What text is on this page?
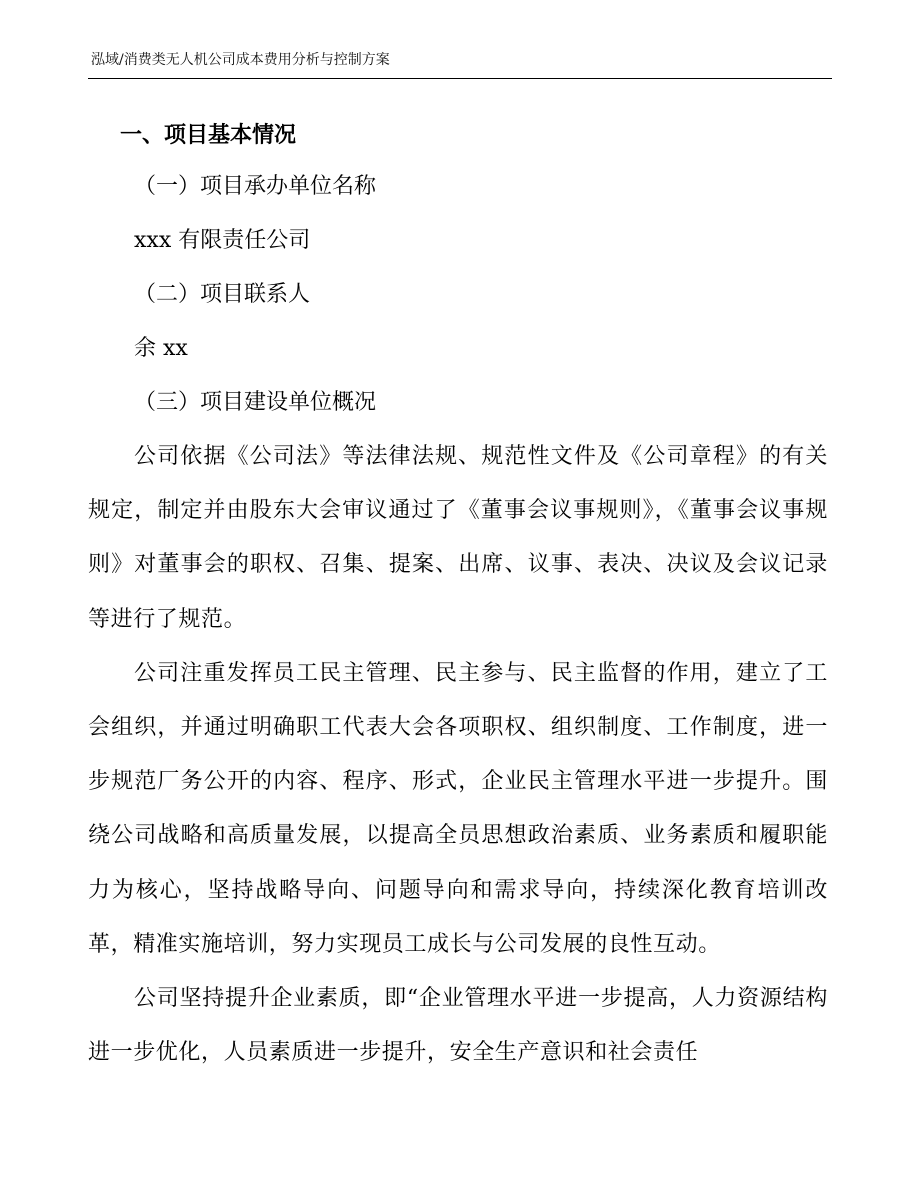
泓域/消费类无人机公司成本费用分析与控制方案
一、项目基本情况
（一）项目承办单位名称
xxx 有限责任公司
（二）项目联系人
余 xx
（三）项目建设单位概况

公司依据《公司法》等法律法规、规范性文件及《公司章程》的有关规定，制定并由股东大会审议通过了《董事会议事规则》，《董事会议事规则》对董事会的职权、召集、提案、出席、议事、表决、决议及会议记录等进行了规范。

公司注重发挥员工民主管理、民主参与、民主监督的作用，建立了工会组织，并通过明确职工代表大会各项职权、组织制度、工作制度，进一步规范厂务公开的内容、程序、形式，企业民主管理水平进一步提升。围绕公司战略和高质量发展，以提高全员思想政治素质、业务素质和履职能力为核心，坚持战略导向、问题导向和需求导向，持续深化教育培训改革，精准实施培训，努力实现员工成长与公司发展的良性互动。

公司坚持提升企业素质，即“企业管理水平进一步提高，人力资源结构进一步优化，人员素质进一步提升，安全生产意识和社会责任
